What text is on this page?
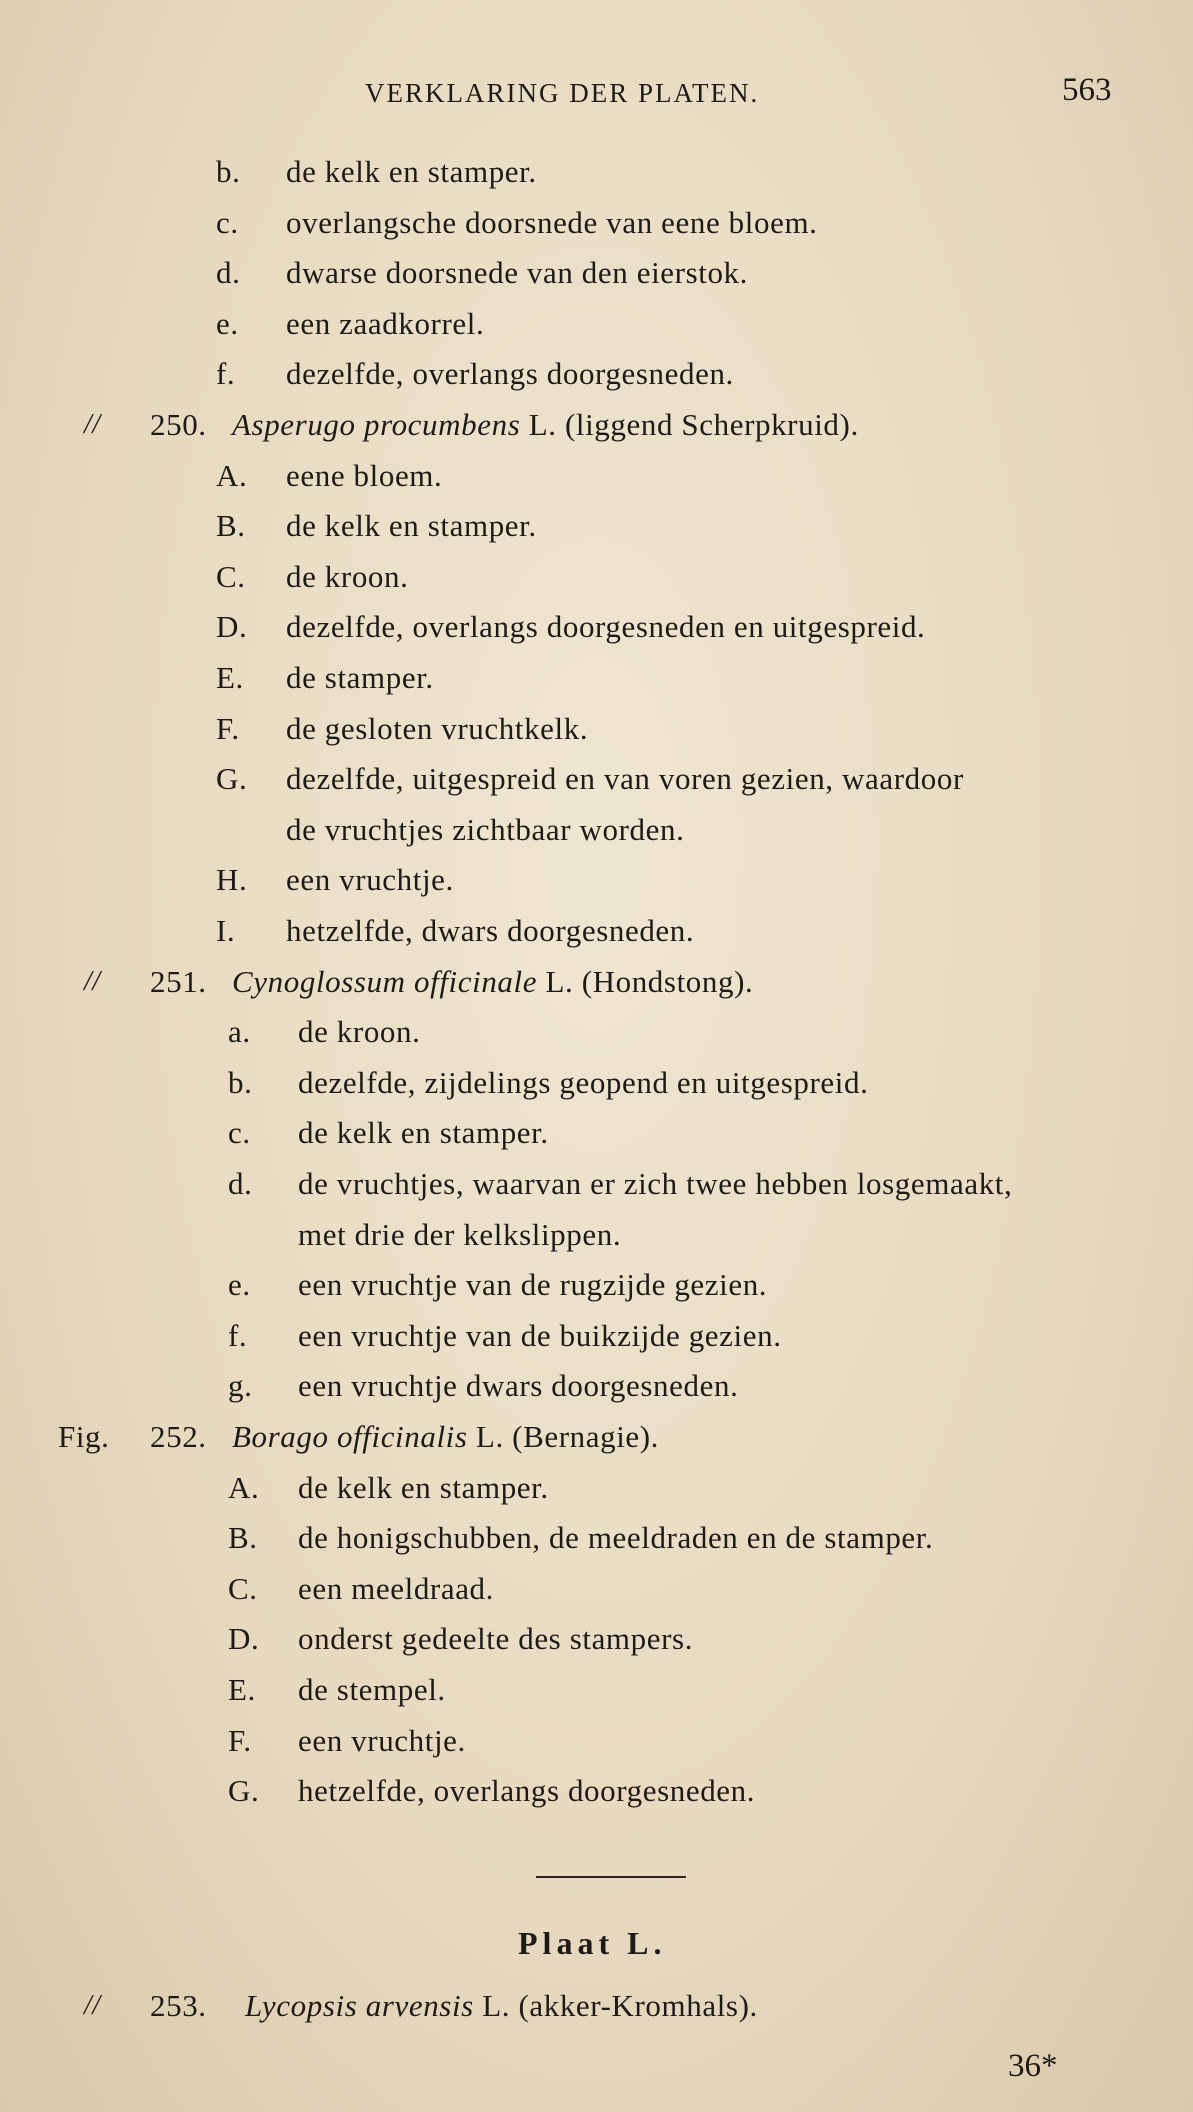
VERKLARING DER PLATEN.	563
b. de kelk en stamper.
c. overlangsche doorsnede van eene bloem.
d. dwarse doorsnede van den eierstok.
e. een zaadkorrel.
f. dezelfde, overlangs doorgesneden.
// 250. Asperugo procumbens L. (liggend Scherpkruid).
A. eene bloem.
B. de kelk en stamper.
C. de kroon.
D. dezelfde, overlangs doorgesneden en uitgespreid.
E. de stamper.
F. de gesloten vruchtkelk.
G. dezelfde, uitgespreid en van voren gezien, waardoor
de vruchtjes zichtbaar worden.
H. een vruchtje.
I. hetzelfde, dwars doorgesneden.
// 251. Cynoglossum officinale L. (Hondstong).
a. de kroon.
b. dezelfde, zijdelings geopend en uitgespreid.
c. de kelk en stamper.
d. de vruchtjes, waarvan er zich twee hebben losgemaakt,
met drie der kelkslippen.
e. een vruchtje van de rugzijde gezien.
f. een vruchtje van de buikzijde gezien.
g. een vruchtje dwars doorgesneden.
Fig. 252. Borago officinalis L. (Bernagie).
A. de kelk en stamper.
B. de honigschubben, de meeldraden en de stamper.
C. een meeldraad.
D. onderst gedeelte des stampers.
E. de stempel.
F. een vruchtje.
G. hetzelfde, overlangs doorgesneden.
Plaat L.
// 253. Lycopsis arvensis L. (akker-Kromhals).
36*
